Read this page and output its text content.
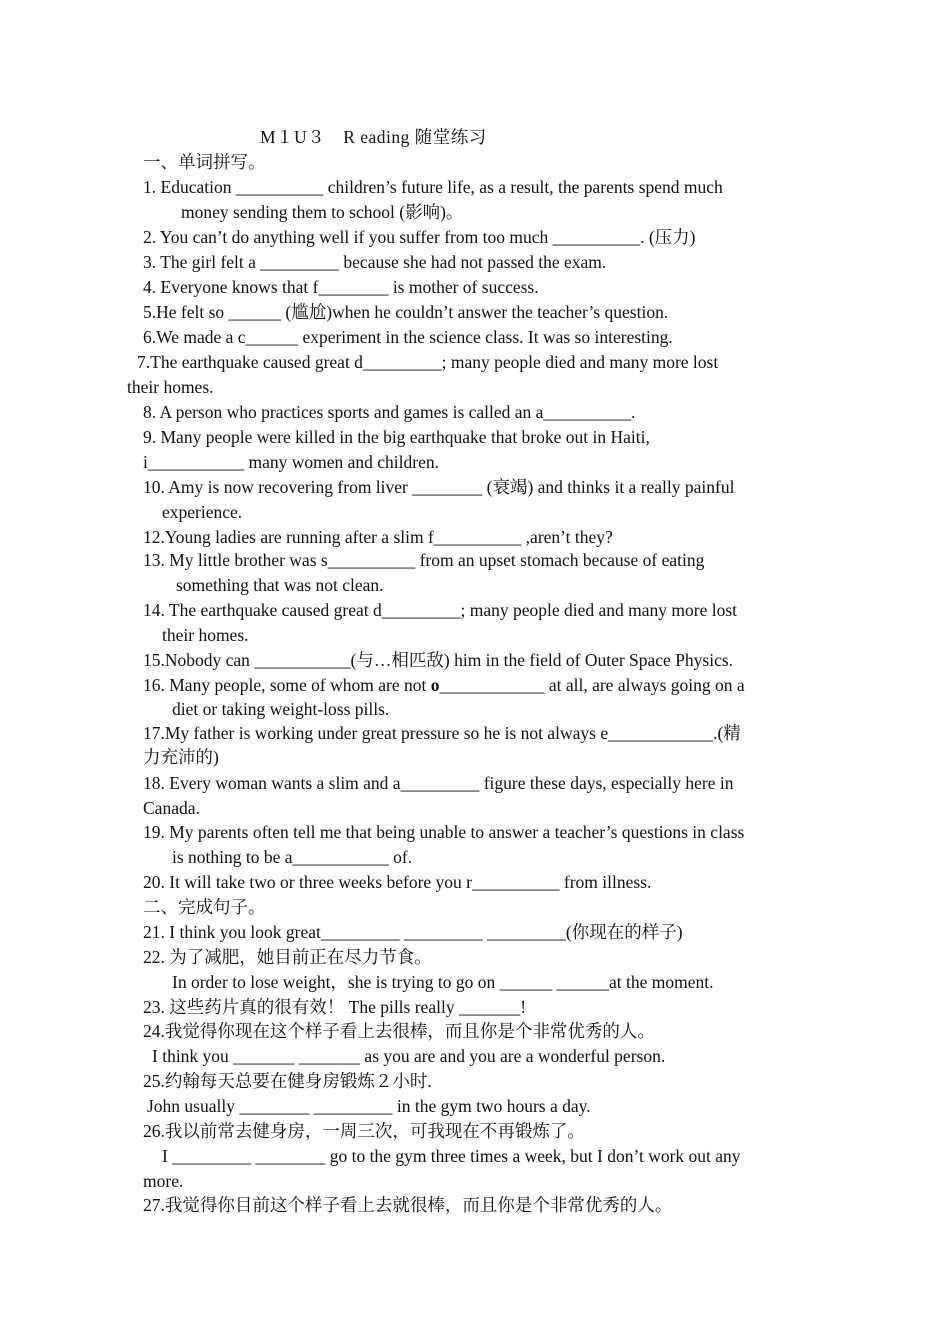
M１U３　R eading 随堂练习
一、单词拼写。
1. Education __________ children’s future life, as a result, the parents spend much
money sending them to school (影响)。
2. You can’t do anything well if you suffer from too much __________. (压力)
3. The girl felt a _________ because she had not passed the exam.
4. Everyone knows that f________ is mother of success.
5.He felt so ______ (尴尬)when he couldn’t answer the teacher’s question.
6.We made a c______ experiment in the science class. It was so interesting.
7.The earthquake caused great d_________; many people died and many more lost
their homes.
8. A person who practices sports and games is called an a__________.
9. Many people were killed in the big earthquake that broke out in Haiti,
i___________ many women and children.
10. Amy is now recovering from liver ________ (衰竭) and thinks it a really painful
experience.
12.Young ladies are running after a slim f__________ ,aren’t they?
13. My little brother was s__________ from an upset stomach because of eating
something that was not clean.
14. The earthquake caused great d_________; many people died and many more lost
their homes.
15.Nobody can ___________(与…相匹敌) him in the field of Outer Space Physics.
16. Many people, some of whom are not o____________ at all, are always going on a
diet or taking weight-loss pills.
17.My father is working under great pressure so he is not always e____________.(精
力充沛的)
18. Every woman wants a slim and a_________ figure these days, especially here in
Canada.
19. My parents often tell me that being unable to answer a teacher’s questions in class
is nothing to be a___________ of.
20. It will take two or three weeks before you r__________ from illness.
二、完成句子。
21. I think you look great_________ _________ _________(你现在的样子)
22. 为了减肥，她目前正在尽力节食。
In order to lose weight，she is trying to go on ______ ______at the moment.
23. 这些药片真的很有效！ The pills really _______!
24.我觉得你现在这个样子看上去很棒，而且你是个非常优秀的人。
I think you _______ _______ as you are and you are a wonderful person.
25.约翰每天总要在健身房锻炼２小时.
John usually ________ _________ in the gym two hours a day.
26.我以前常去健身房，一周三次，可我现在不再锻炼了。
I _________ ________ go to the gym three times a week, but I don’t work out any
more.
27.我觉得你目前这个样子看上去就很棒，而且你是个非常优秀的人。
